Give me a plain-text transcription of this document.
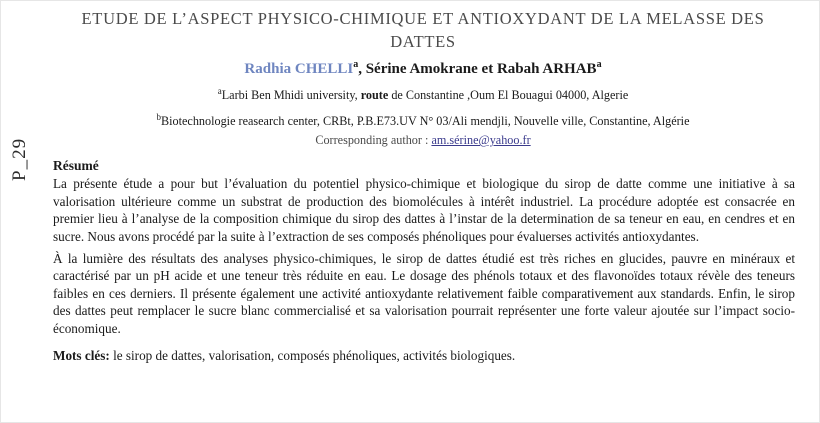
P_29
ETUDE DE L’ASPECT PHYSICO-CHIMIQUE ET ANTIOXYDANT DE LA MELASSE DES DATTES
Radhia CHELLI$^a$, Sérine Amokrane et Rabah ARHAB$^a$
$^a$Larbi Ben Mhidi university, route de Constantine ,Oum El Bouagui 04000, Algerie
$^b$Biotechnologie reasearch center, CRBt, P.B.E73.UV N° 03/Ali mendjli, Nouvelle ville, Constantine, Algérie
Corresponding author : am.sérine@yahoo.fr
Résumé
La présente étude a pour but l’évaluation du potentiel physico-chimique et biologique du sirop de datte comme une initiative à sa valorisation ultérieure comme un substrat de production des biomolécules à intérêt industriel. La procédure adoptée est consacrée en premier lieu à l’analyse de la composition chimique du sirop des dattes à l’instar de la determination de sa teneur en eau, en cendres et en sucre. Nous avons procédé par la suite à l’extraction de ses composés phénoliques pour évaluerses activités antioxydantes.
À la lumière des résultats des analyses physico-chimiques, le sirop de dattes étudié est très riches en glucides, pauvre en minéraux et caractérisé par un pH acide et une teneur très réduite en eau. Le dosage des phénols totaux et des flavonoïdes totaux révèle des teneurs faibles en ces derniers. Il présente également une activité antioxydante relativement faible comparativement aux standards. Enfin, le sirop des dattes peut remplacer le sucre blanc commercialisé et sa valorisation pourrait représenter une forte valeur ajoutée sur l’impact socio-économique.
Mots clés: le sirop de dattes, valorisation, composés phénoliques, activités biologiques.
